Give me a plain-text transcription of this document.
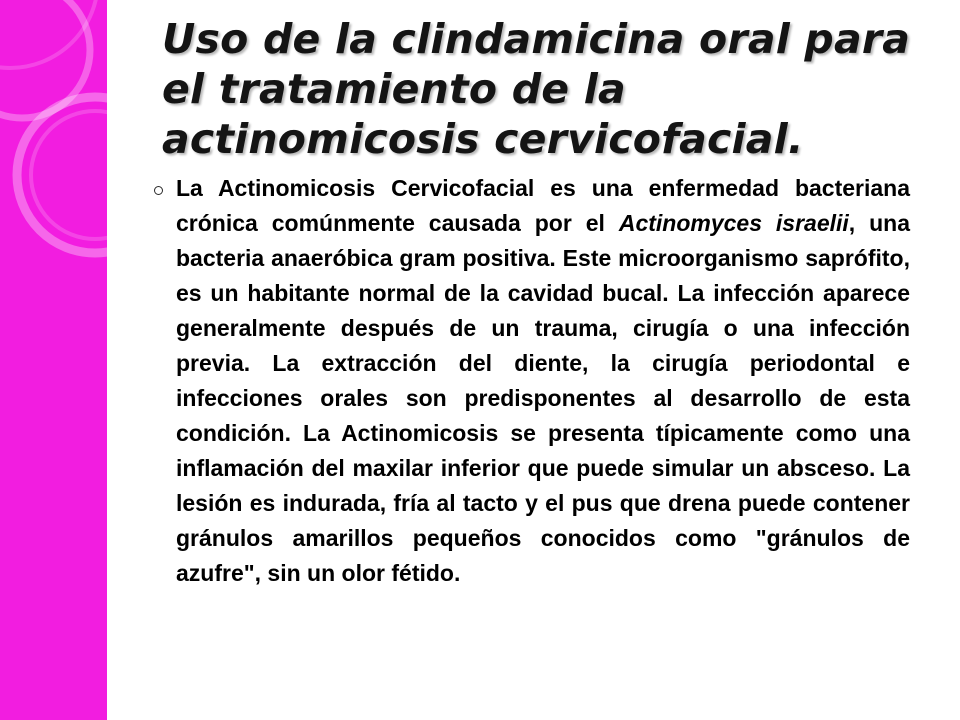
Uso de la clindamicina oral para el tratamiento de la actinomicosis cervicofacial.

La Actinomicosis Cervicofacial es una enfermedad bacteriana crónica comúnmente causada por el Actinomyces israelii, una bacteria anaeróbica gram positiva. Este microorganismo saprófito, es un habitante normal de la cavidad bucal. La infección aparece generalmente después de un trauma, cirugía o una infección previa. La extracción del diente, la cirugía periodontal e infecciones orales son predisponentes al desarrollo de esta condición. La Actinomicosis se presenta típicamente como una inflamación del maxilar inferior que puede simular un absceso. La lesión es indurada, fría al tacto y el pus que drena puede contener gránulos amarillos pequeños conocidos como "gránulos de azufre", sin un olor fétido.
